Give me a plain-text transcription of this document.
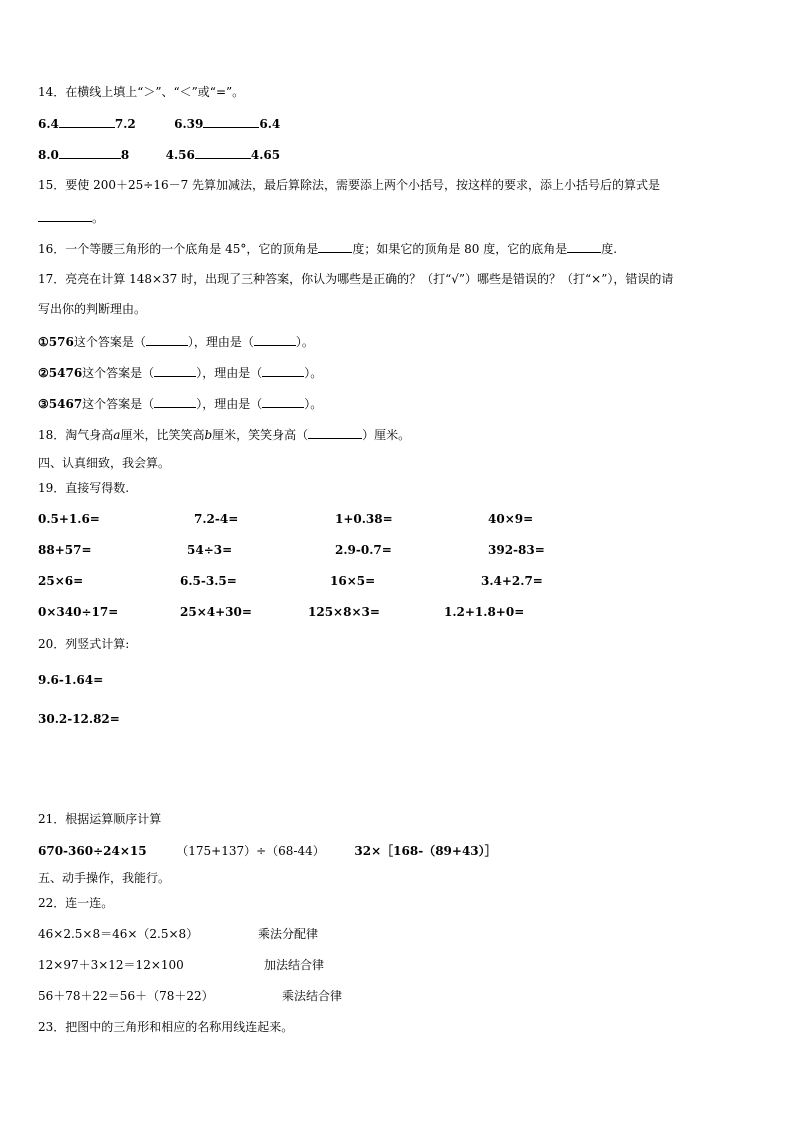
14．在横线上填上“＞”、“＜”或“=”。
6.4	7.2	6.39	6.4
8.0	8	4.56	4.65
15．要使 200＋25÷16－7 先算加减法，最后算除法，需要添上两个小括号，按这样的要求，添上小括号后的算式是
。
16．一个等腰三角形的一个底角是 45°，它的顶角是	度；如果它的顶角是 80 度，它的底角是	度.
17．亮亮在计算 148×37 时，出现了三种答案，你认为哪些是正确的？（打“√”）哪些是错误的？（打“×”），错误的请
写出你的判断理由。
①576这个答案是（	），理由是（	）。
②5476这个答案是（	），理由是（	）。
③5467这个答案是（	），理由是（	）。
18．淘气身高a厘米，比笑笑高b厘米，笑笑身高（	）厘米。
四、认真细致，我会算。
19．直接写得数.
0.5+1.6=	7.2-4=	1+0.38=	40×9=
88+57=	54÷3=	2.9-0.7=	392-83=
25×6=	6.5-3.5=	16×5=	3.4+2.7=
0×340÷17=	25×4+30=	125×8×3=	1.2+1.8+0=
20．列竖式计算:
9.6-1.64=
30.2-12.82=
21．根据运算顺序计算
670-360÷24×15 （175+137）÷（68-44） 32×［168-（89+43）］
五、动手操作，我能行。
22．连一连。
46×2.5×8＝46×（2.5×8）	乘法分配律
12×97＋3×12＝12×100	加法结合律
56＋78＋22＝56＋（78＋22）	乘法结合律
23．把图中的三角形和相应的名称用线连起来。
